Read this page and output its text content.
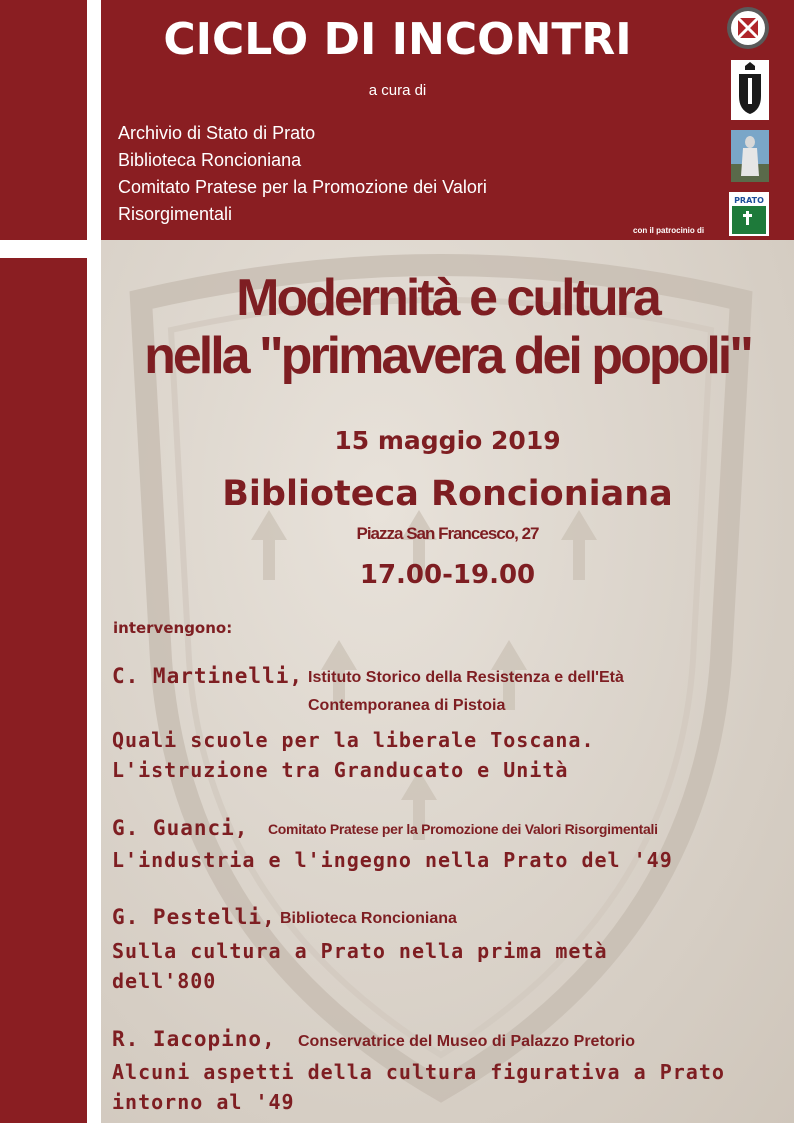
CICLO DI INCONTRI
a cura di
Archivio di Stato di Prato
Biblioteca Roncioniana
Comitato Pratese per la Promozione dei Valori
Risorgimentali
con il patrocinio di
PRATO
Modernità e cultura
nella "primavera dei popoli"
15 maggio 2019
Biblioteca Roncioniana
Piazza San Francesco, 27
17.00-19.00
intervengono:
C. Martinelli, Istituto Storico della Resistenza e dell'Età
Contemporanea di Pistoia
Quali scuole per la liberale Toscana.
L'istruzione tra Granducato e Unità
G. Guanci, Comitato Pratese per la Promozione dei Valori Risorgimentali
L'industria e l'ingegno nella Prato del '49
G. Pestelli, Biblioteca Roncioniana
Sulla cultura a Prato nella prima metà
dell'800
R. Iacopino, Conservatrice del Museo di Palazzo Pretorio
Alcuni aspetti della cultura figurativa a Prato
intorno al '49
